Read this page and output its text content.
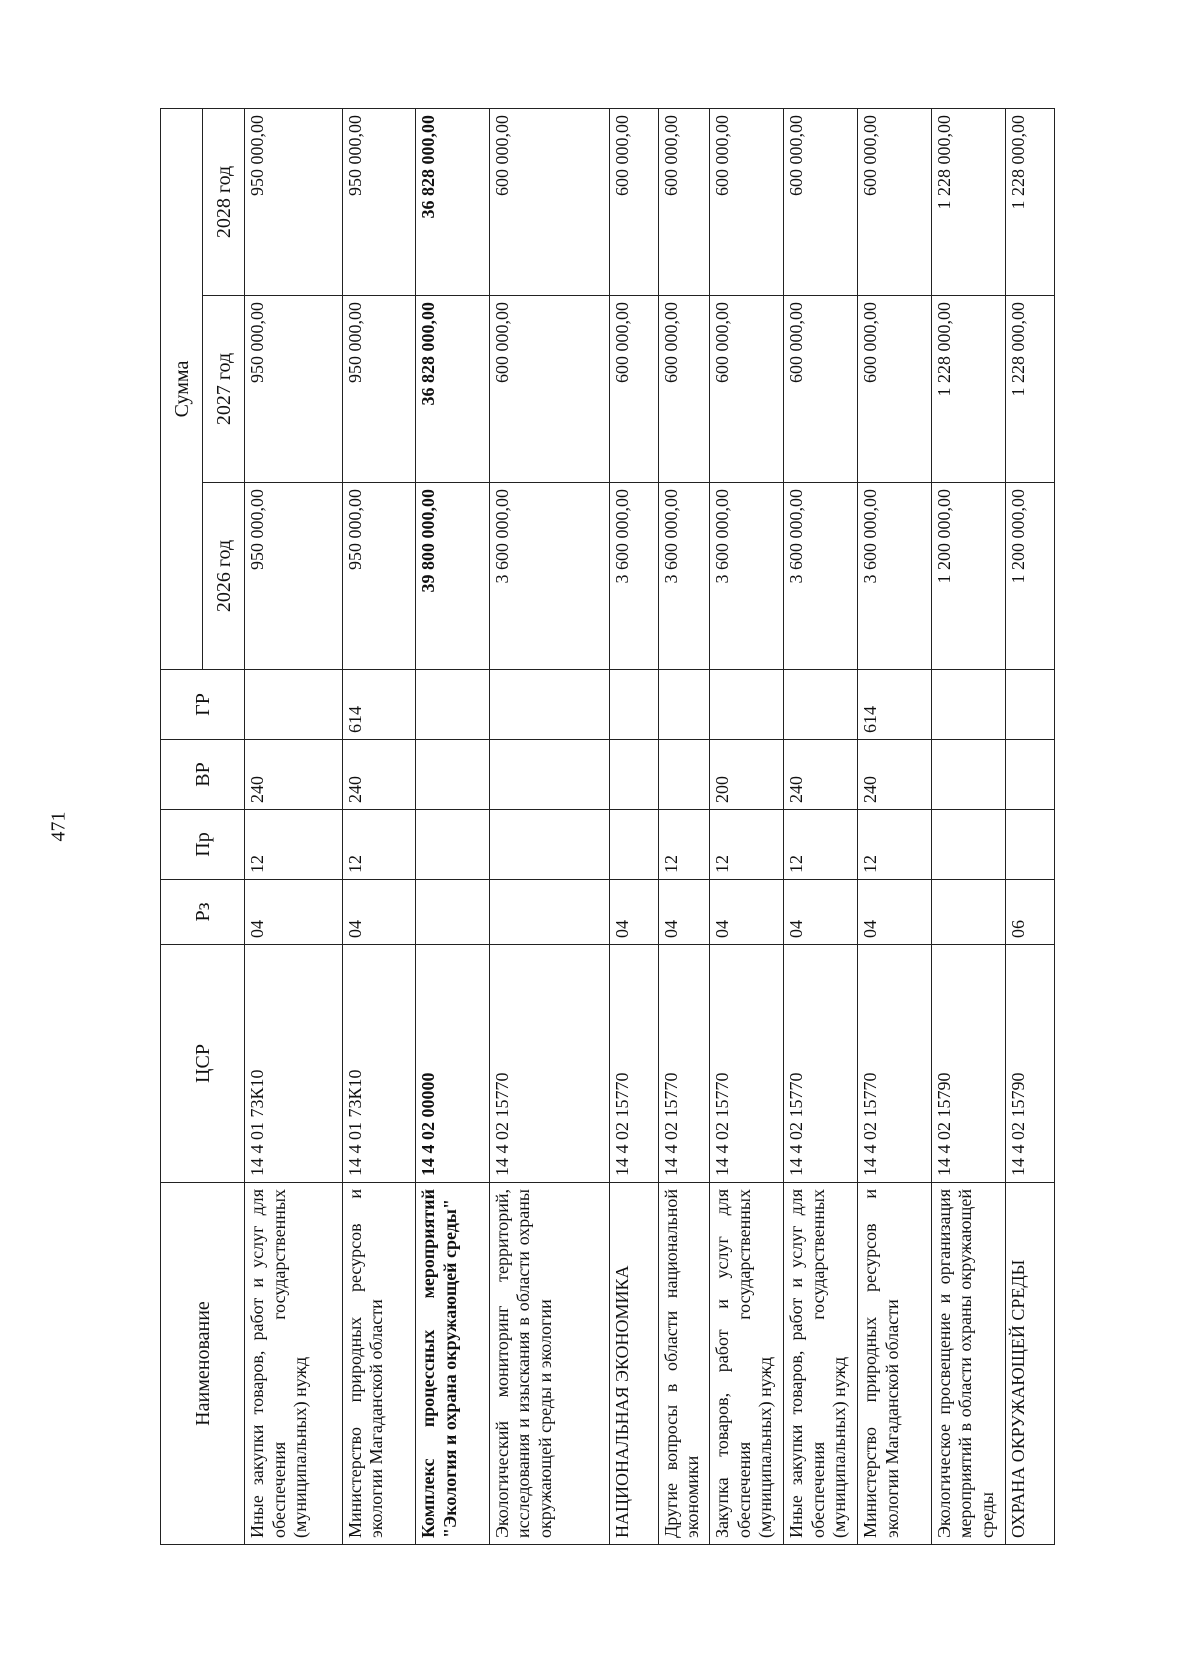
471
Наименование	ЦСР	Рз	Пр	ВР	ГР	Сумма		
						2026 год	2027 год	2028 год
Иные закупки товаров, работ и услуг для обеспечения государственных (муниципальных) нужд	14 4 01 73К10	04	12	240		950 000,00	950 000,00	950 000,00
Министерство природных ресурсов и экологии Магаданской области	14 4 01 73К10	04	12	240	614	950 000,00	950 000,00	950 000,00
Комплекс процессных мероприятий "Экология и охрана окружающей среды"	14 4 02 00000					39 800 000,00	36 828 000,00	36 828 000,00
Экологический мониторинг территорий, исследования и изыскания в области охраны окружающей среды и экологии	14 4 02 15770					3 600 000,00	600 000,00	600 000,00
НАЦИОНАЛЬНАЯ ЭКОНОМИКА	14 4 02 15770	04				3 600 000,00	600 000,00	600 000,00
Другие вопросы в области национальной экономики	14 4 02 15770	04	12			3 600 000,00	600 000,00	600 000,00
Закупка товаров, работ и услуг для обеспечения государственных (муниципальных) нужд	14 4 02 15770	04	12	200		3 600 000,00	600 000,00	600 000,00
Иные закупки товаров, работ и услуг для обеспечения государственных (муниципальных) нужд	14 4 02 15770	04	12	240		3 600 000,00	600 000,00	600 000,00
Министерство природных ресурсов и экологии Магаданской области	14 4 02 15770	04	12	240	614	3 600 000,00	600 000,00	600 000,00
Экологическое просвещение и организация мероприятий в области охраны окружающей среды	14 4 02 15790					1 200 000,00	1 228 000,00	1 228 000,00
ОХРАНА ОКРУЖАЮЩЕЙ СРЕДЫ	14 4 02 15790	06				1 200 000,00	1 228 000,00	1 228 000,00
